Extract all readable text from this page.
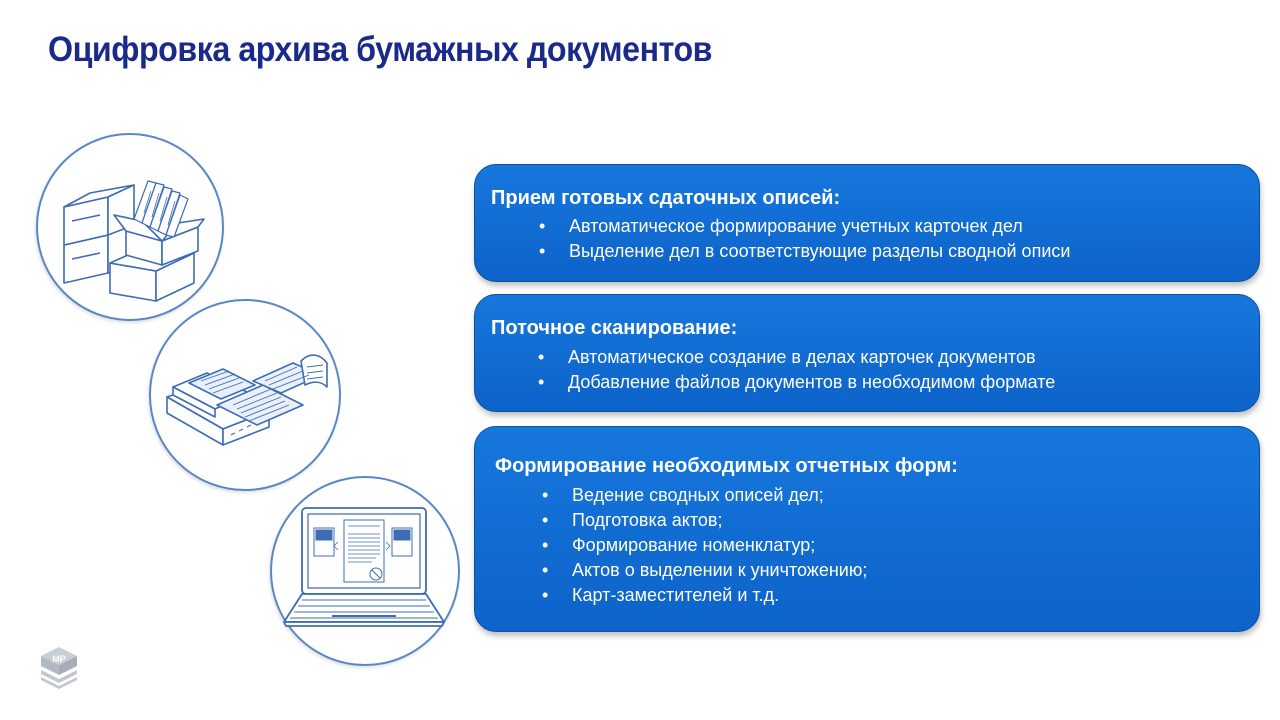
Оцифровка архива бумажных документов
Прием готовых сдаточных описей:
• Автоматическое формирование учетных карточек дел
• Выделение дел в соответствующие разделы сводной описи
Поточное сканирование:
• Автоматическое создание в делах карточек документов
• Добавление файлов документов в необходимом формате
Формирование необходимых отчетных форм:
• Ведение сводных описей дел;
• Подготовка актов;
• Формирование номенклатур;
• Актов о выделении к уничтожению;
• Карт-заместителей и т.д.
MP
